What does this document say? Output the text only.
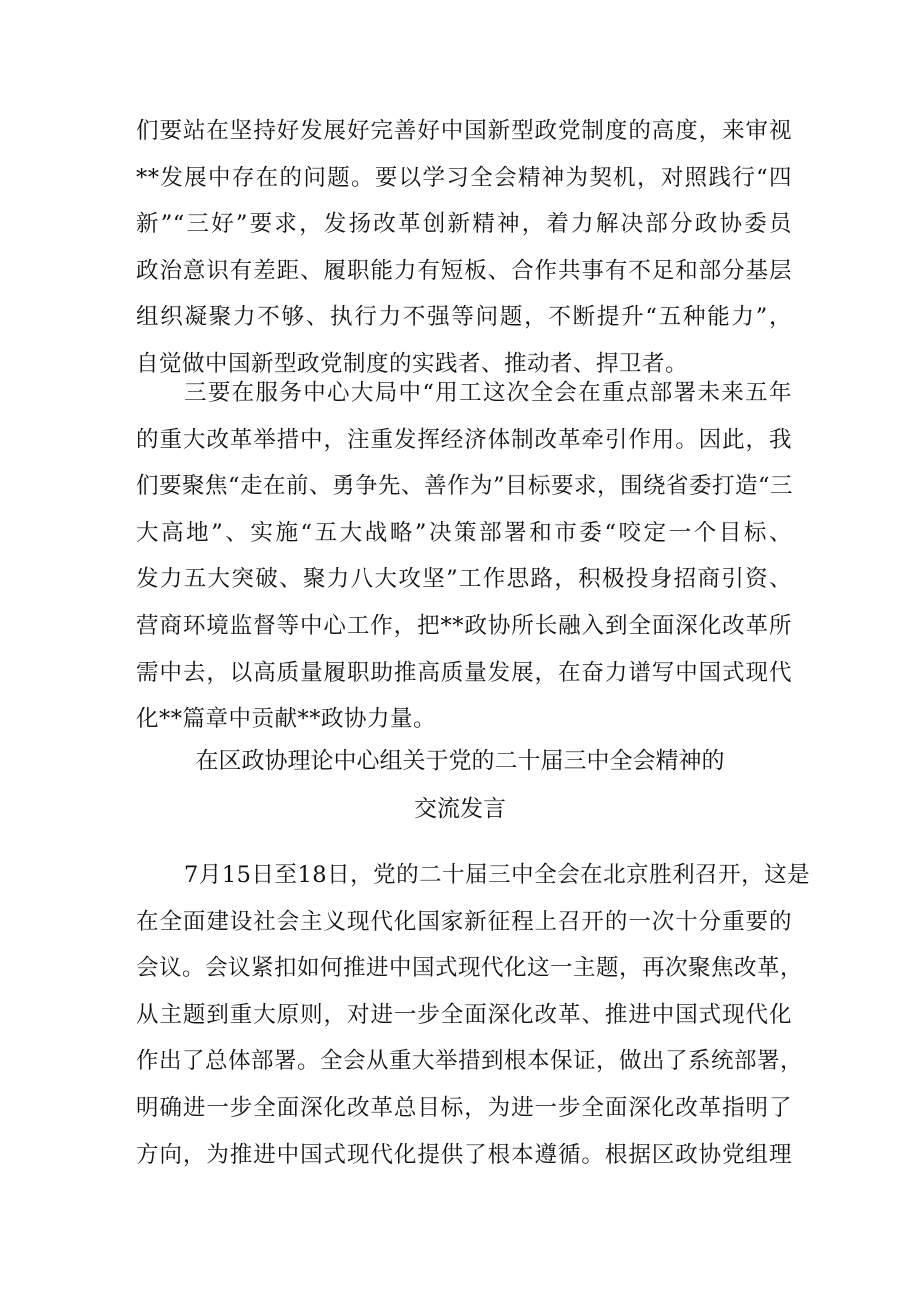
们要站在坚持好发展好完善好中国新型政党制度的高度，来审视
**发展中存在的问题。要以学习全会精神为契机，对照践行“四
新”“三好”要求，发扬改革创新精神，着力解决部分政协委员
政治意识有差距、履职能力有短板、合作共事有不足和部分基层
组织凝聚力不够、执行力不强等问题，不断提升“五种能力”，
自觉做中国新型政党制度的实践者、推动者、捍卫者。
三要在服务中心大局中“用工这次全会在重点部署未来五年
的重大改革举措中，注重发挥经济体制改革牵引作用。因此，我
们要聚焦“走在前、勇争先、善作为”目标要求，围绕省委打造“三
大高地”、实施“五大战略”决策部署和市委“咬定一个目标、
发力五大突破、聚力八大攻坚”工作思路，积极投身招商引资、
营商环境监督等中心工作，把**政协所长融入到全面深化改革所
需中去，以高质量履职助推高质量发展，在奋力谱写中国式现代
化**篇章中贡献**政协力量。
在区政协理论中心组关于党的二十届三中全会精神的
交流发言
7月15日至18日，党的二十届三中全会在北京胜利召开，这是
在全面建设社会主义现代化国家新征程上召开的一次十分重要的
会议。会议紧扣如何推进中国式现代化这一主题，再次聚焦改革，
从主题到重大原则，对进一步全面深化改革、推进中国式现代化
作出了总体部署。全会从重大举措到根本保证，做出了系统部署，
明确进一步全面深化改革总目标，为进一步全面深化改革指明了
方向，为推进中国式现代化提供了根本遵循。根据区政协党组理
